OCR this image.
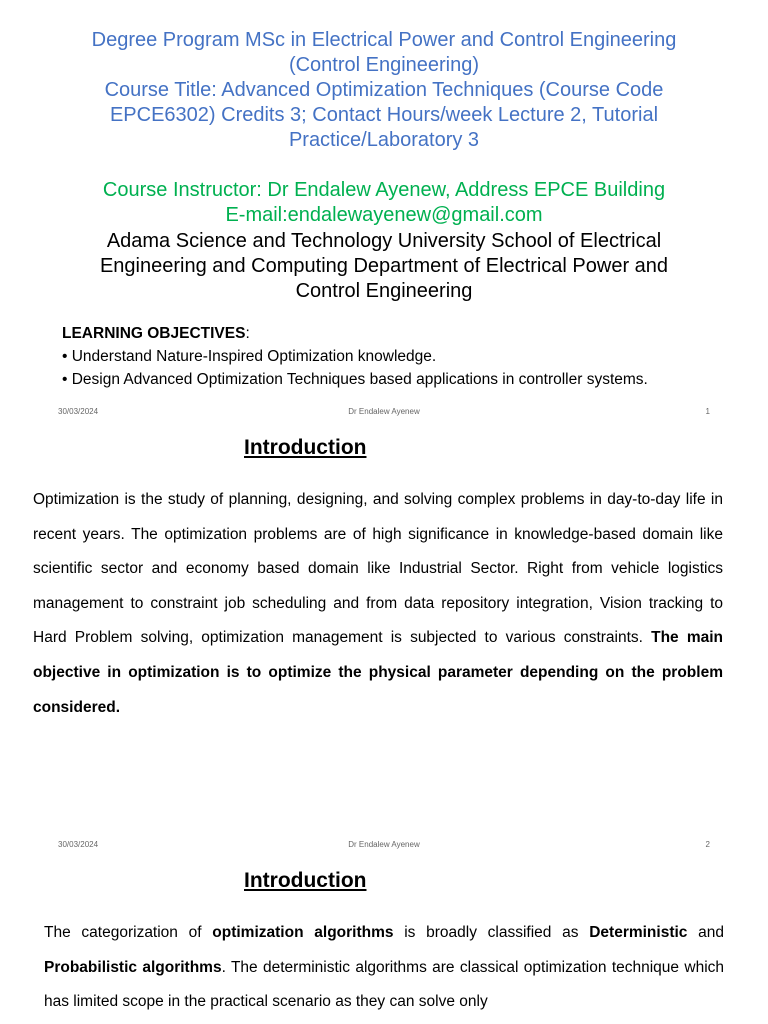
Degree Program MSc in Electrical Power and Control Engineering
(Control Engineering)
Course Title: Advanced Optimization Techniques (Course Code
EPCE6302) Credits 3; Contact Hours/week Lecture 2, Tutorial
Practice/Laboratory 3
Course Instructor: Dr Endalew Ayenew, Address EPCE Building
E-mail:endalewayenew@gmail.com
Adama Science and Technology University School of Electrical
Engineering and Computing Department of Electrical Power and
Control Engineering
LEARNING OBJECTIVES:
• Understand Nature-Inspired Optimization knowledge.
• Design Advanced Optimization Techniques based applications in controller systems.
30/03/2024	Dr Endalew Ayenew	1
Introduction
Optimization is the study of planning, designing, and solving complex problems in day-to-day life in recent years. The optimization problems are of high significance in knowledge-based domain like scientific sector and economy based domain like Industrial Sector. Right from vehicle logistics management to constraint job scheduling and from data repository integration, Vision tracking to Hard Problem solving, optimization management is subjected to various constraints. The main objective in optimization is to optimize the physical parameter depending on the problem considered.
30/03/2024	Dr Endalew Ayenew	2
Introduction
The categorization of optimization algorithms is broadly classified as Deterministic and Probabilistic algorithms. The deterministic algorithms are classical optimization technique which has limited scope in the practical scenario as they can solve only
